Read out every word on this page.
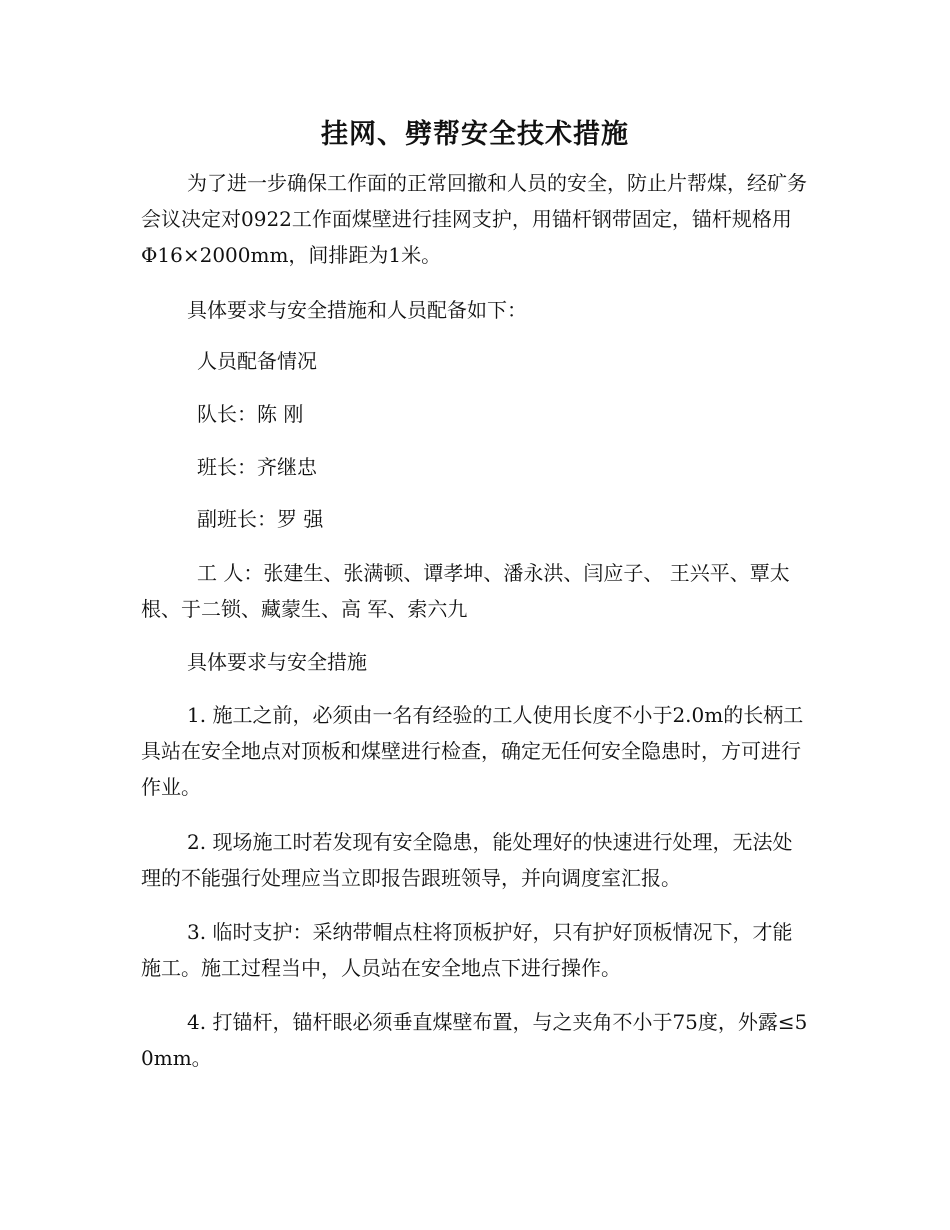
挂网、劈帮安全技术措施
为了进一步确保工作面的正常回撤和人员的安全，防止片帮煤，经矿务会议决定对0922工作面煤壁进行挂网支护，用锚杆钢带固定，锚杆规格用 Φ16×2000mm，间排距为1米。
具体要求与安全措施和人员配备如下：
人员配备情况
队长：陈 刚
班长：齐继忠
副班长：罗 强
工 人：张建生、张满顿、谭孝坤、潘永洪、闫应子、 王兴平、覃太根、于二锁、藏蒙生、高 军、索六九
具体要求与安全措施
1. 施工之前，必须由一名有经验的工人使用长度不小于2.0m的长柄工具站在安全地点对顶板和煤壁进行检查，确定无任何安全隐患时，方可进行作业。
2. 现场施工时若发现有安全隐患，能处理好的快速进行处理，无法处理的不能强行处理应当立即报告跟班领导，并向调度室汇报。
3. 临时支护：采纳带帽点柱将顶板护好，只有护好顶板情况下，才能施工。施工过程当中，人员站在安全地点下进行操作。
4. 打锚杆，锚杆眼必须垂直煤壁布置，与之夹角不小于75度，外露≤50mm。
